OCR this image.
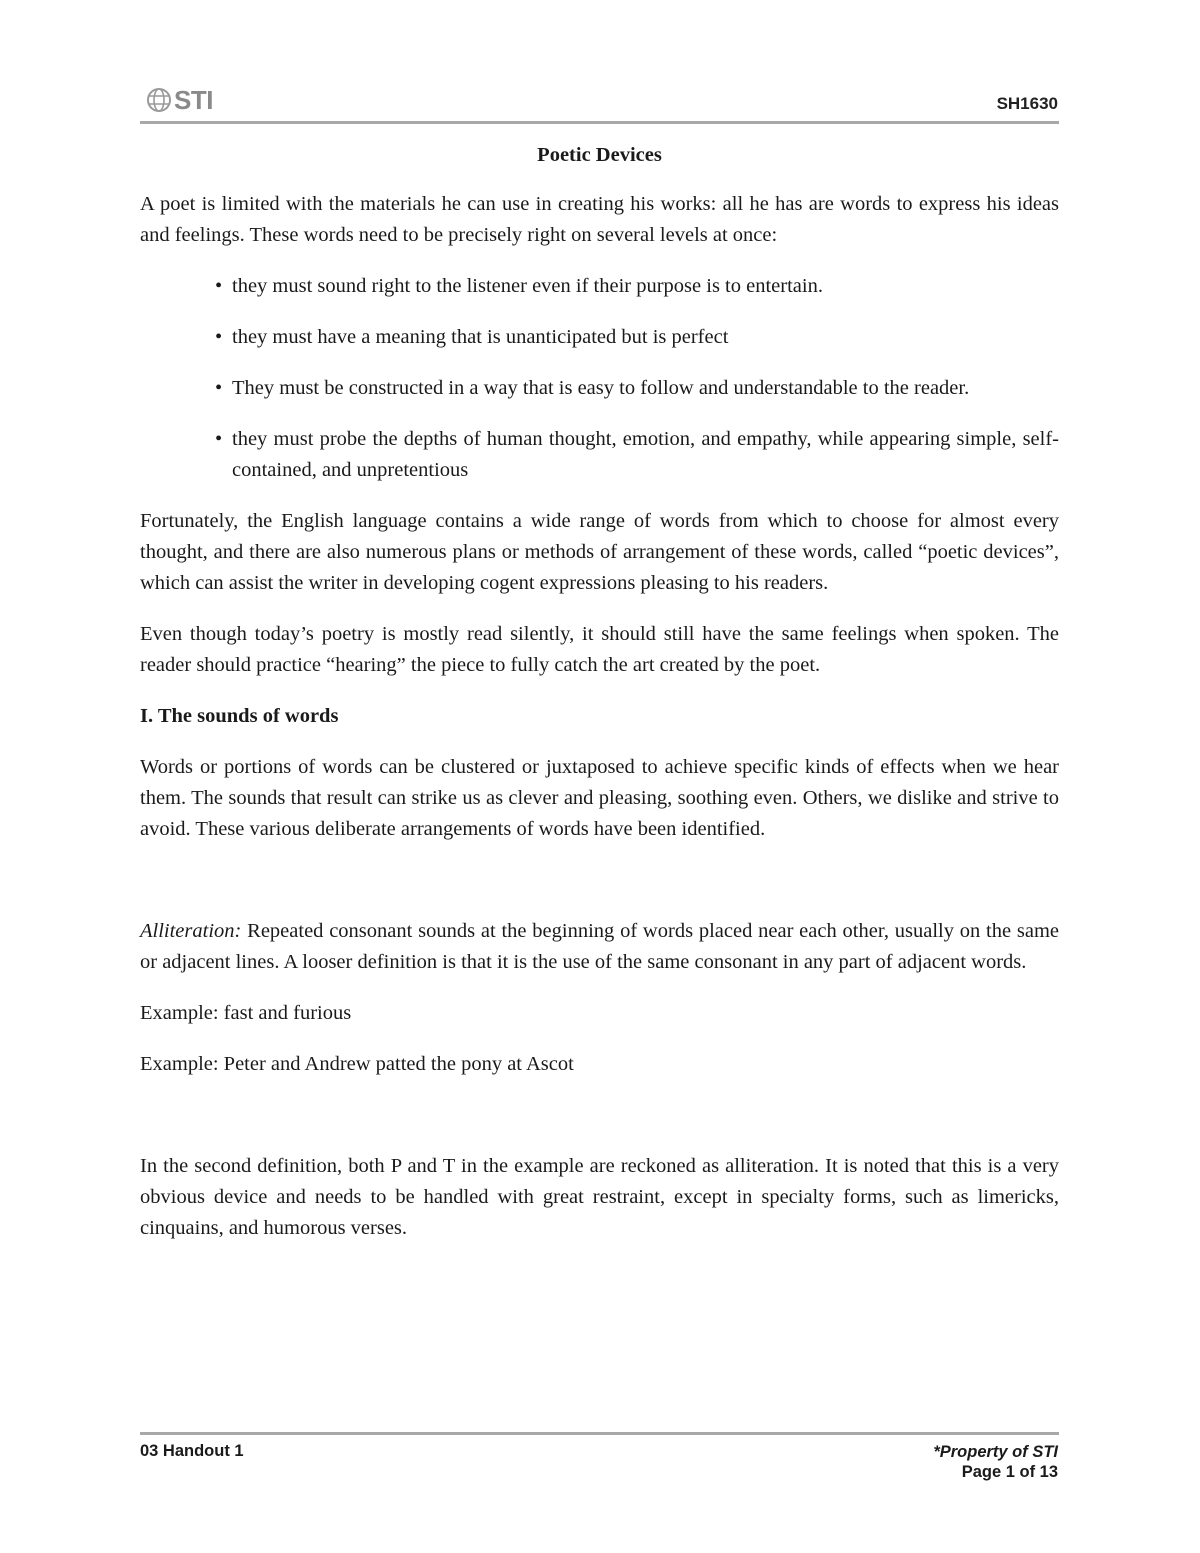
STI	SH1630
Poetic Devices

A poet is limited with the materials he can use in creating his works: all he has are words to express his ideas and feelings. These words need to be precisely right on several levels at once:

• they must sound right to the listener even if their purpose is to entertain.
• they must have a meaning that is unanticipated but is perfect
• They must be constructed in a way that is easy to follow and understandable to the reader.
• they must probe the depths of human thought, emotion, and empathy, while appearing simple, self-contained, and unpretentious

Fortunately, the English language contains a wide range of words from which to choose for almost every thought, and there are also numerous plans or methods of arrangement of these words, called “poetic devices”, which can assist the writer in developing cogent expressions pleasing to his readers.

Even though today’s poetry is mostly read silently, it should still have the same feelings when spoken. The reader should practice “hearing” the piece to fully catch the art created by the poet.

I. The sounds of words

Words or portions of words can be clustered or juxtaposed to achieve specific kinds of effects when we hear them. The sounds that result can strike us as clever and pleasing, soothing even. Others, we dislike and strive to avoid. These various deliberate arrangements of words have been identified.

Alliteration: Repeated consonant sounds at the beginning of words placed near each other, usually on the same or adjacent lines. A looser definition is that it is the use of the same consonant in any part of adjacent words.

Example: fast and furious

Example: Peter and Andrew patted the pony at Ascot

In the second definition, both P and T in the example are reckoned as alliteration. It is noted that this is a very obvious device and needs to be handled with great restraint, except in specialty forms, such as limericks, cinquains, and humorous verses.

03 Handout 1	*Property of STI
Page 1 of 13
